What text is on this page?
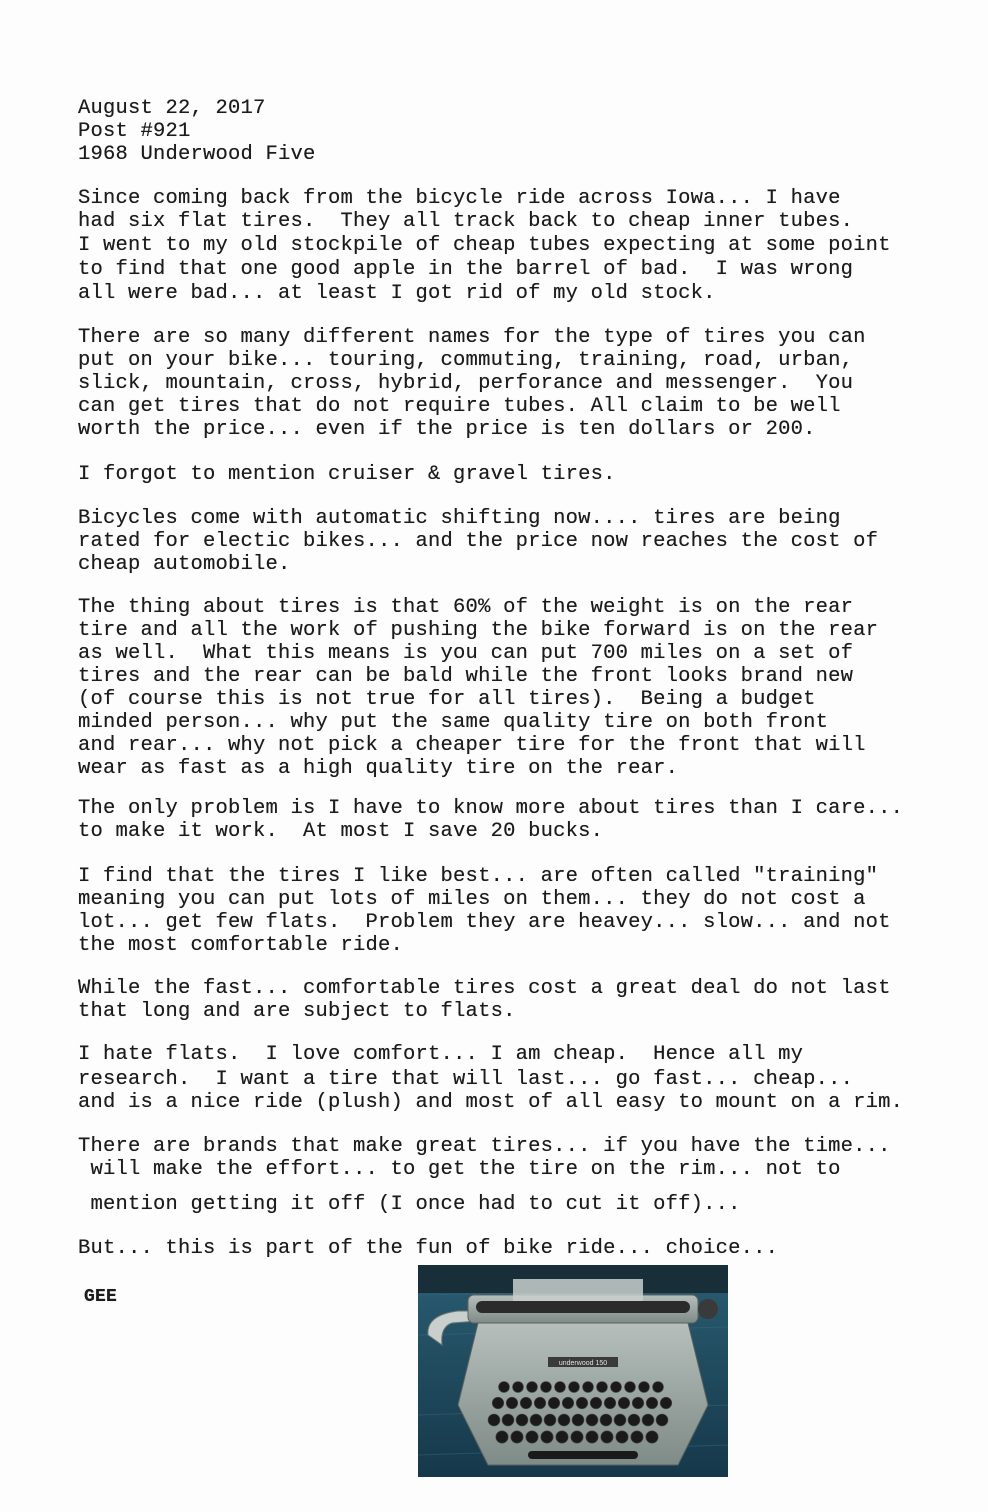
August 22, 2017
Post #921
1968 Underwood Five
Since coming back from the bicycle ride across Iowa... I have
had six flat tires.  They all track back to cheap inner tubes.
I went to my old stockpile of cheap tubes expecting at some point
to find that one good apple in the barrel of bad.  I was wrong
all were bad... at least I got rid of my old stock.
There are so many different names for the type of tires you can
put on your bike... touring, commuting, training, road, urban,
slick, mountain, cross, hybrid, perforance and messenger.  You
can get tires that do not require tubes. All claim to be well
worth the price... even if the price is ten dollars or 200.
I forgot to mention cruiser & gravel tires.
Bicycles come with automatic shifting now.... tires are being
rated for electic bikes... and the price now reaches the cost of
cheap automobile.
The thing about tires is that 60% of the weight is on the rear
tire and all the work of pushing the bike forward is on the rear
as well.  What this means is you can put 700 miles on a set of
tires and the rear can be bald while the front looks brand new
(of course this is not true for all tires).  Being a budget
minded person... why put the same quality tire on both front
and rear... why not pick a cheaper tire for the front that will
wear as fast as a high quality tire on the rear.
The only problem is I have to know more about tires than I care...
to make it work.  At most I save 20 bucks.
I find that the tires I like best... are often called "training"
meaning you can put lots of miles on them... they do not cost a
lot... get few flats.  Problem they are heavey... slow... and not
the most comfortable ride.
While the fast... comfortable tires cost a great deal do not last
that long and are subject to flats.
I hate flats.  I love comfort... I am cheap.  Hence all my
research.  I want a tire that will last... go fast... cheap...
and is a nice ride (plush) and most of all easy to mount on a rim.
There are brands that make great tires... if you have the time...
will make the effort... to get the tire on the rim... not to
mention getting it off (I once had to cut it off)...
But... this is part of the fun of bike ride... choice...
GEE
underwood 150
